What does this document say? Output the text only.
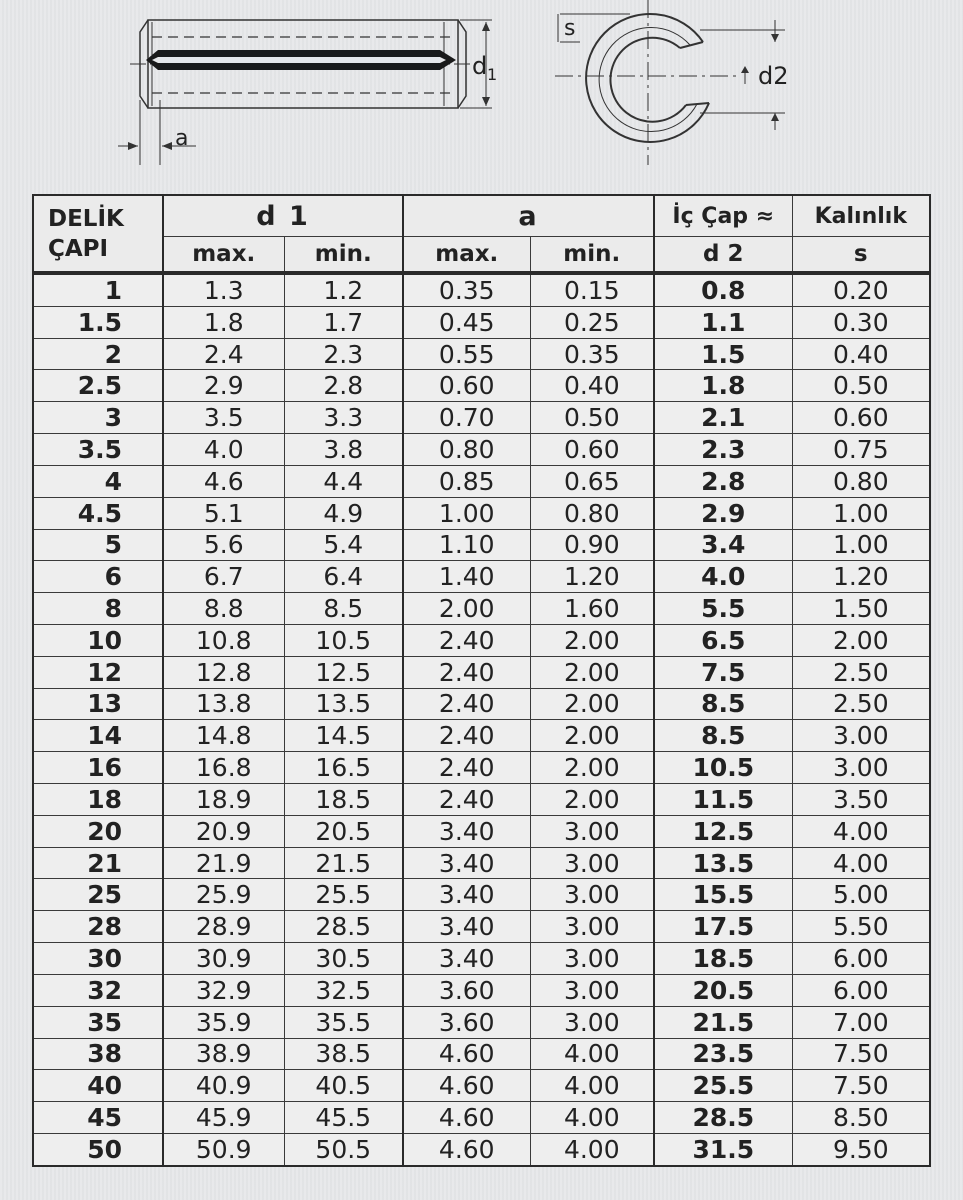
d 1
a
s
d2
DELİK
ÇAPI	d 1		a		İç Çap ≈	Kalınlık
	max.	min.	max.	min.	d 2	s
1	1.3	1.2	0.35	0.15	0.8	0.20
1.5	1.8	1.7	0.45	0.25	1.1	0.30
2	2.4	2.3	0.55	0.35	1.5	0.40
2.5	2.9	2.8	0.60	0.40	1.8	0.50
3	3.5	3.3	0.70	0.50	2.1	0.60
3.5	4.0	3.8	0.80	0.60	2.3	0.75
4	4.6	4.4	0.85	0.65	2.8	0.80
4.5	5.1	4.9	1.00	0.80	2.9	1.00
5	5.6	5.4	1.10	0.90	3.4	1.00
6	6.7	6.4	1.40	1.20	4.0	1.20
8	8.8	8.5	2.00	1.60	5.5	1.50
10	10.8	10.5	2.40	2.00	6.5	2.00
12	12.8	12.5	2.40	2.00	7.5	2.50
13	13.8	13.5	2.40	2.00	8.5	2.50
14	14.8	14.5	2.40	2.00	8.5	3.00
16	16.8	16.5	2.40	2.00	10.5	3.00
18	18.9	18.5	2.40	2.00	11.5	3.50
20	20.9	20.5	3.40	3.00	12.5	4.00
21	21.9	21.5	3.40	3.00	13.5	4.00
25	25.9	25.5	3.40	3.00	15.5	5.00
28	28.9	28.5	3.40	3.00	17.5	5.50
30	30.9	30.5	3.40	3.00	18.5	6.00
32	32.9	32.5	3.60	3.00	20.5	6.00
35	35.9	35.5	3.60	3.00	21.5	7.00
38	38.9	38.5	4.60	4.00	23.5	7.50
40	40.9	40.5	4.60	4.00	25.5	7.50
45	45.9	45.5	4.60	4.00	28.5	8.50
50	50.9	50.5	4.60	4.00	31.5	9.50
